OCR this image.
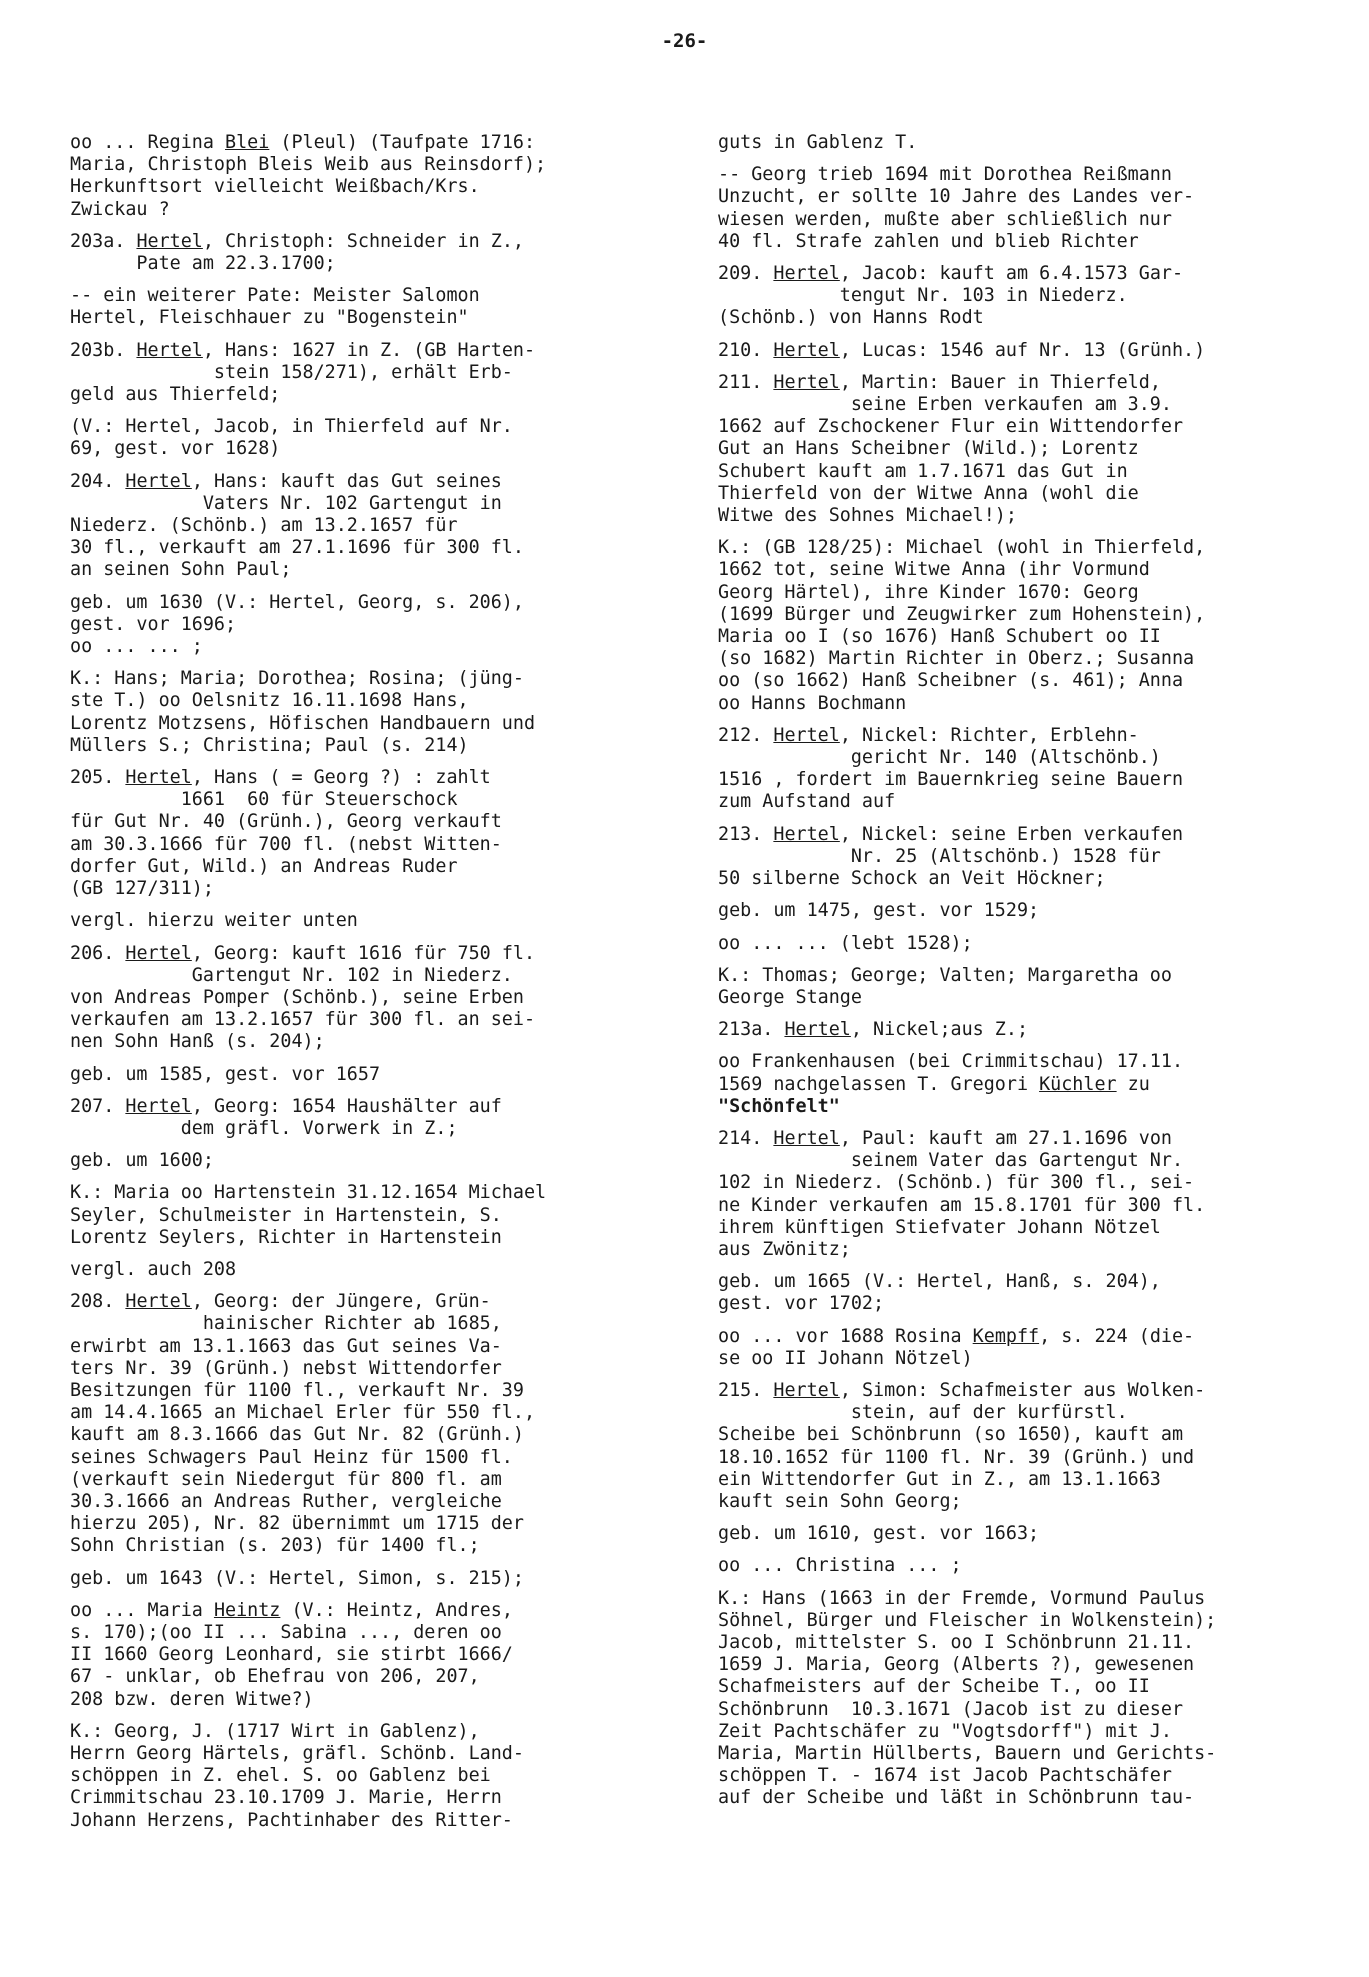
-26-
oo ... Regina Blei (Pleul) (Taufpate 1716:
Maria, Christoph Bleis Weib aus Reinsdorf);
Herkunftsort vielleicht Weißbach/Krs.
Zwickau ?
203a. Hertel, Christoph: Schneider in Z.,
Pate am 22.3.1700;
-- ein weiterer Pate: Meister Salomon
Hertel, Fleischhauer zu "Bogenstein"
203b. Hertel, Hans: 1627 in Z. (GB Harten-
stein 158/271), erhält Erb-
geld aus Thierfeld;
(V.: Hertel, Jacob, in Thierfeld auf Nr.
69, gest. vor 1628)
204. Hertel, Hans: kauft das Gut seines
Vaters Nr. 102 Gartengut in
Niederz. (Schönb.) am 13.2.1657 für
30 fl., verkauft am 27.1.1696 für 300 fl.
an seinen Sohn Paul;
geb. um 1630 (V.: Hertel, Georg, s. 206),
gest. vor 1696;
oo ... ... ;
K.: Hans; Maria; Dorothea; Rosina; (jüng-
ste T.) oo Oelsnitz 16.11.1698 Hans,
Lorentz Motzsens, Höfischen Handbauern und
Müllers S.; Christina; Paul (s. 214)
205. Hertel, Hans ( = Georg ?) : zahlt
1661  60 für Steuerschock
für Gut Nr. 40 (Grünh.), Georg verkauft
am 30.3.1666 für 700 fl. (nebst Witten-
dorfer Gut, Wild.) an Andreas Ruder
(GB 127/311);
vergl. hierzu weiter unten
206. Hertel, Georg: kauft 1616 für 750 fl.
Gartengut Nr. 102 in Niederz.
von Andreas Pomper (Schönb.), seine Erben
verkaufen am 13.2.1657 für 300 fl. an sei-
nen Sohn Hanß (s. 204);
geb. um 1585, gest. vor 1657
207. Hertel, Georg: 1654 Haushälter auf
dem gräfl. Vorwerk in Z.;
geb. um 1600;
K.: Maria oo Hartenstein 31.12.1654 Michael
Seyler, Schulmeister in Hartenstein, S.
Lorentz Seylers, Richter in Hartenstein
vergl. auch 208
208. Hertel, Georg: der Jüngere, Grün-
hainischer Richter ab 1685,
erwirbt am 13.1.1663 das Gut seines Va-
ters Nr. 39 (Grünh.) nebst Wittendorfer
Besitzungen für 1100 fl., verkauft Nr. 39
am 14.4.1665 an Michael Erler für 550 fl.,
kauft am 8.3.1666 das Gut Nr. 82 (Grünh.)
seines Schwagers Paul Heinz für 1500 fl.
(verkauft sein Niedergut für 800 fl. am
30.3.1666 an Andreas Ruther, vergleiche
hierzu 205), Nr. 82 übernimmt um 1715 der
Sohn Christian (s. 203) für 1400 fl.;
geb. um 1643 (V.: Hertel, Simon, s. 215);
oo ... Maria Heintz (V.: Heintz, Andres,
s. 170);(oo II ... Sabina ..., deren oo
II 1660 Georg Leonhard, sie stirbt 1666/
67 - unklar, ob Ehefrau von 206, 207,
208 bzw. deren Witwe?)
K.: Georg, J. (1717 Wirt in Gablenz),
Herrn Georg Härtels, gräfl. Schönb. Land-
schöppen in Z. ehel. S. oo Gablenz bei
Crimmitschau 23.10.1709 J. Marie, Herrn
Johann Herzens, Pachtinhaber des Ritter-
guts in Gablenz T.
-- Georg trieb 1694 mit Dorothea Reißmann
Unzucht, er sollte 10 Jahre des Landes ver-
wiesen werden, mußte aber schließlich nur
40 fl. Strafe zahlen und blieb Richter
209. Hertel, Jacob: kauft am 6.4.1573 Gar-
tengut Nr. 103 in Niederz.
(Schönb.) von Hanns Rodt
210. Hertel, Lucas: 1546 auf Nr. 13 (Grünh.)
211. Hertel, Martin: Bauer in Thierfeld,
seine Erben verkaufen am 3.9.
1662 auf Zschockener Flur ein Wittendorfer
Gut an Hans Scheibner (Wild.); Lorentz
Schubert kauft am 1.7.1671 das Gut in
Thierfeld von der Witwe Anna (wohl die
Witwe des Sohnes Michael!);
K.: (GB 128/25): Michael (wohl in Thierfeld,
1662 tot, seine Witwe Anna (ihr Vormund
Georg Härtel), ihre Kinder 1670: Georg
(1699 Bürger und Zeugwirker zum Hohenstein),
Maria oo I (so 1676) Hanß Schubert oo II
(so 1682) Martin Richter in Oberz.; Susanna
oo (so 1662) Hanß Scheibner (s. 461); Anna
oo Hanns Bochmann
212. Hertel, Nickel: Richter, Erblehn-
gericht Nr. 140 (Altschönb.)
1516 , fordert im Bauernkrieg seine Bauern
zum Aufstand auf
213. Hertel, Nickel: seine Erben verkaufen
Nr. 25 (Altschönb.) 1528 für
50 silberne Schock an Veit Höckner;
geb. um 1475, gest. vor 1529;
oo ... ... (lebt 1528);
K.: Thomas; George; Valten; Margaretha oo
George Stange
213a. Hertel, Nickel;aus Z.;
oo Frankenhausen (bei Crimmitschau) 17.11.
1569 nachgelassen T. Gregori Küchler zu
"Schönfelt"
214. Hertel, Paul: kauft am 27.1.1696 von
seinem Vater das Gartengut Nr.
102 in Niederz. (Schönb.) für 300 fl., sei-
ne Kinder verkaufen am 15.8.1701 für 300 fl.
ihrem künftigen Stiefvater Johann Nötzel
aus Zwönitz;
geb. um 1665 (V.: Hertel, Hanß, s. 204),
gest. vor 1702;
oo ... vor 1688 Rosina Kempff, s. 224 (die-
se oo II Johann Nötzel)
215. Hertel, Simon: Schafmeister aus Wolken-
stein, auf der kurfürstl.
Scheibe bei Schönbrunn (so 1650), kauft am
18.10.1652 für 1100 fl. Nr. 39 (Grünh.) und
ein Wittendorfer Gut in Z., am 13.1.1663
kauft sein Sohn Georg;
geb. um 1610, gest. vor 1663;
oo ... Christina ... ;
K.: Hans (1663 in der Fremde, Vormund Paulus
Söhnel, Bürger und Fleischer in Wolkenstein);
Jacob, mittelster S. oo I Schönbrunn 21.11.
1659 J. Maria, Georg (Alberts ?), gewesenen
Schafmeisters auf der Scheibe T., oo II
Schönbrunn  10.3.1671 (Jacob ist zu dieser
Zeit Pachtschäfer zu "Vogtsdorff") mit J.
Maria, Martin Hüllberts, Bauern und Gerichts-
schöppen T. - 1674 ist Jacob Pachtschäfer
auf der Scheibe und läßt in Schönbrunn tau-
